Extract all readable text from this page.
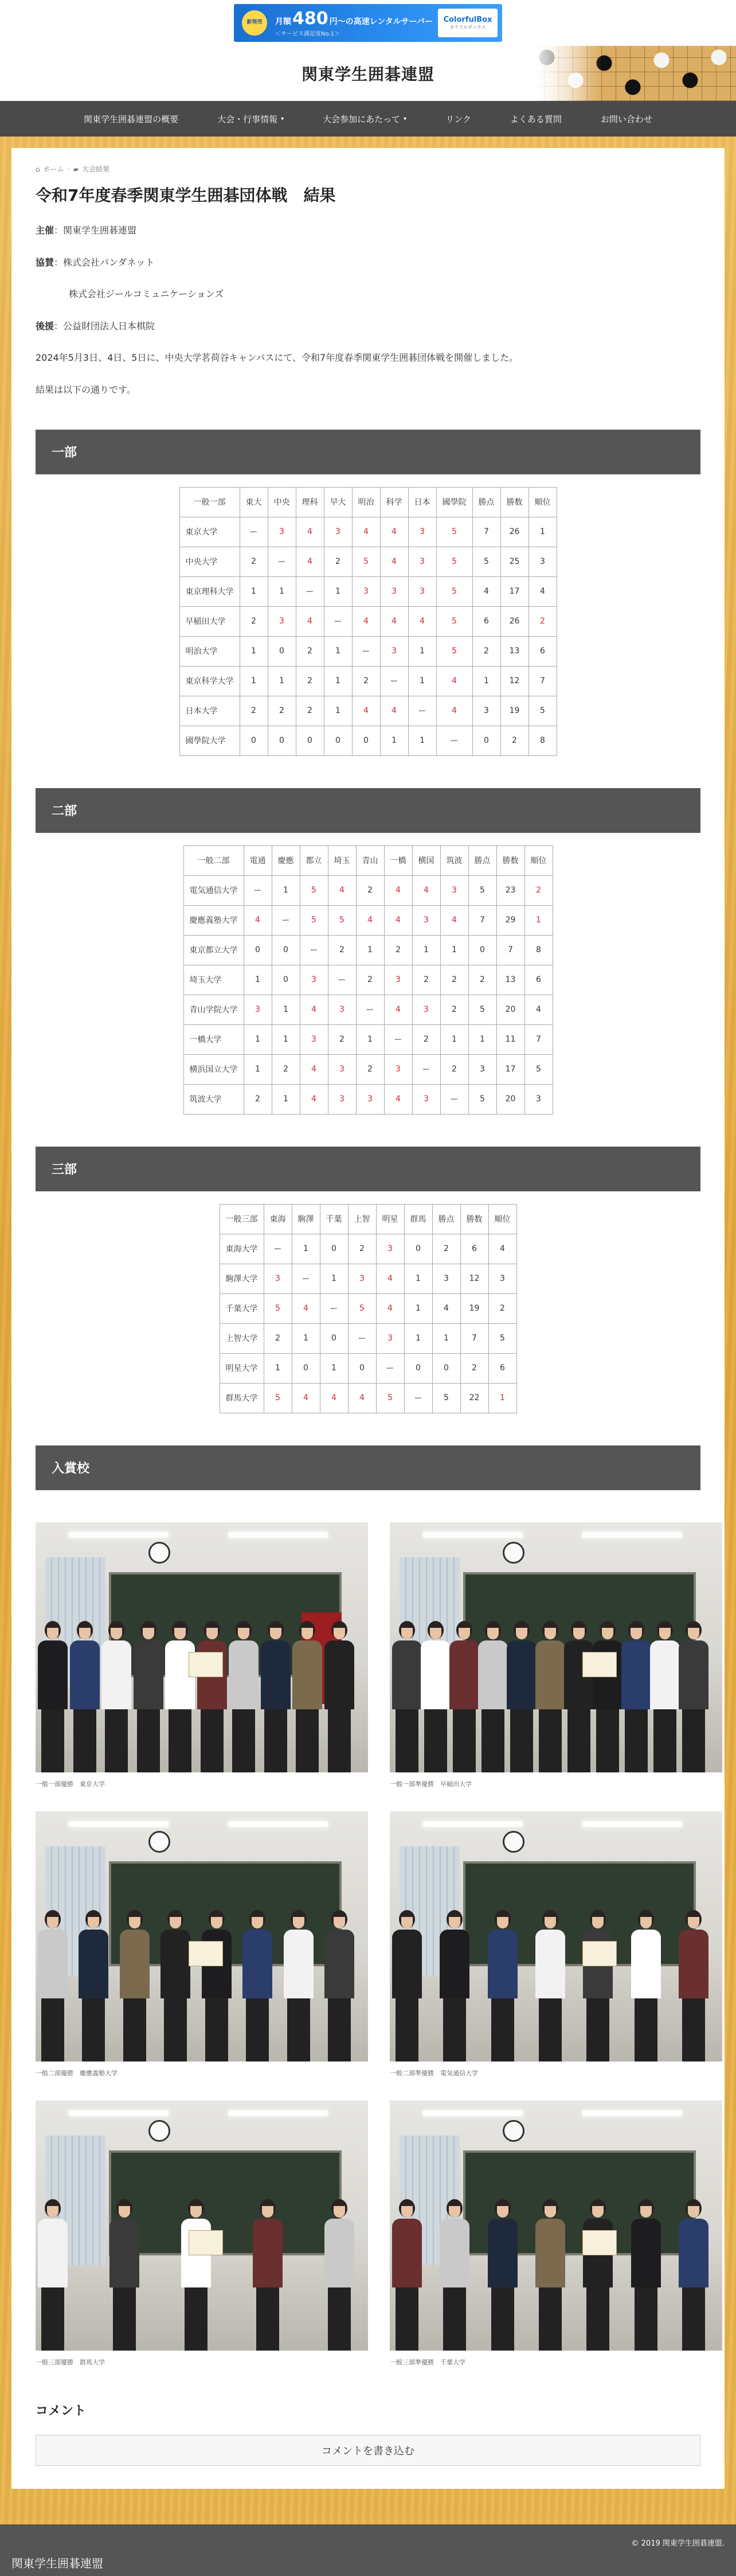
新発売	月額480 円〜の高速レンタルサーバー
＜サービス満足度No.1＞
ColorfulBox
カラフルボックス
関東学生囲碁連盟
関東学生囲碁連盟の概要	大会・行事情報 ▾	大会参加にあたって ▾	リンク	よくある質問	お問い合わせ
⌂ ホーム › ▰ 大会結果
令和7年度春季関東学生囲碁団体戦　結果

主催：関東学生囲碁連盟

協賛：株式会社パンダネット

株式会社ジールコミュニケーションズ

後援：公益財団法人日本棋院

2024年5月3日、4日、5日に、中央大学茗荷谷キャンパスにて、令和7年度春季関東学生囲碁団体戦を開催しました。

結果は以下の通りです。

一部
一般一部	東大	中央	理科	早大	明治	科学	日本	國學院	勝点	勝数	順位
東京大学	ー	3	4	3	4	4	3	5	7	26	1
中央大学	2	ー	4	2	5	4	3	5	5	25	3
東京理科大学	1	1	ー	1	3	3	3	5	4	17	4
早稲田大学	2	3	4	ー	4	4	4	5	6	26	2
明治大学	1	0	2	1	ー	3	1	5	2	13	6
東京科学大学	1	1	2	1	2	ー	1	4	1	12	7
日本大学	2	2	2	1	4	4	ー	4	3	19	5
國學院大学	0	0	0	0	0	1	1	ー	0	2	8
二部
一般二部	電通	慶應	都立	埼玉	青山	一橋	横国	筑波	勝点	勝数	順位
電気通信大学	ー	1	5	4	2	4	4	3	5	23	2
慶應義塾大学	4	ー	5	5	4	4	3	4	7	29	1
東京都立大学	0	0	ー	2	1	2	1	1	0	7	8
埼玉大学	1	0	3	ー	2	3	2	2	2	13	6
青山学院大学	3	1	4	3	ー	4	3	2	5	20	4
一橋大学	1	1	3	2	1	ー	2	1	1	11	7
横浜国立大学	1	2	4	3	2	3	ー	2	3	17	5
筑波大学	2	1	4	3	3	4	3	ー	5	20	3
三部
一般三部	東海	駒澤	千葉	上智	明星	群馬	勝点	勝数	順位
東海大学	ー	1	0	2	3	0	2	6	4
駒澤大学	3	ー	1	3	4	1	3	12	3
千葉大学	5	4	ー	5	4	1	4	19	2
上智大学	2	1	0	ー	3	1	1	7	5
明星大学	1	0	1	0	ー	0	0	2	6
群馬大学	5	4	4	4	5	ー	5	22	1
入賞校
一般一部優勝　東京大学	一般一部準優勝　早稲田大学
一般二部優勝　慶應義塾大学	一般二部準優勝　電気通信大学
一般三部優勝　群馬大学	一般三部準優勝　千葉大学
コメント
コメントを書き込む
関東学生囲碁連盟
© 2019 関東学生囲碁連盟.
